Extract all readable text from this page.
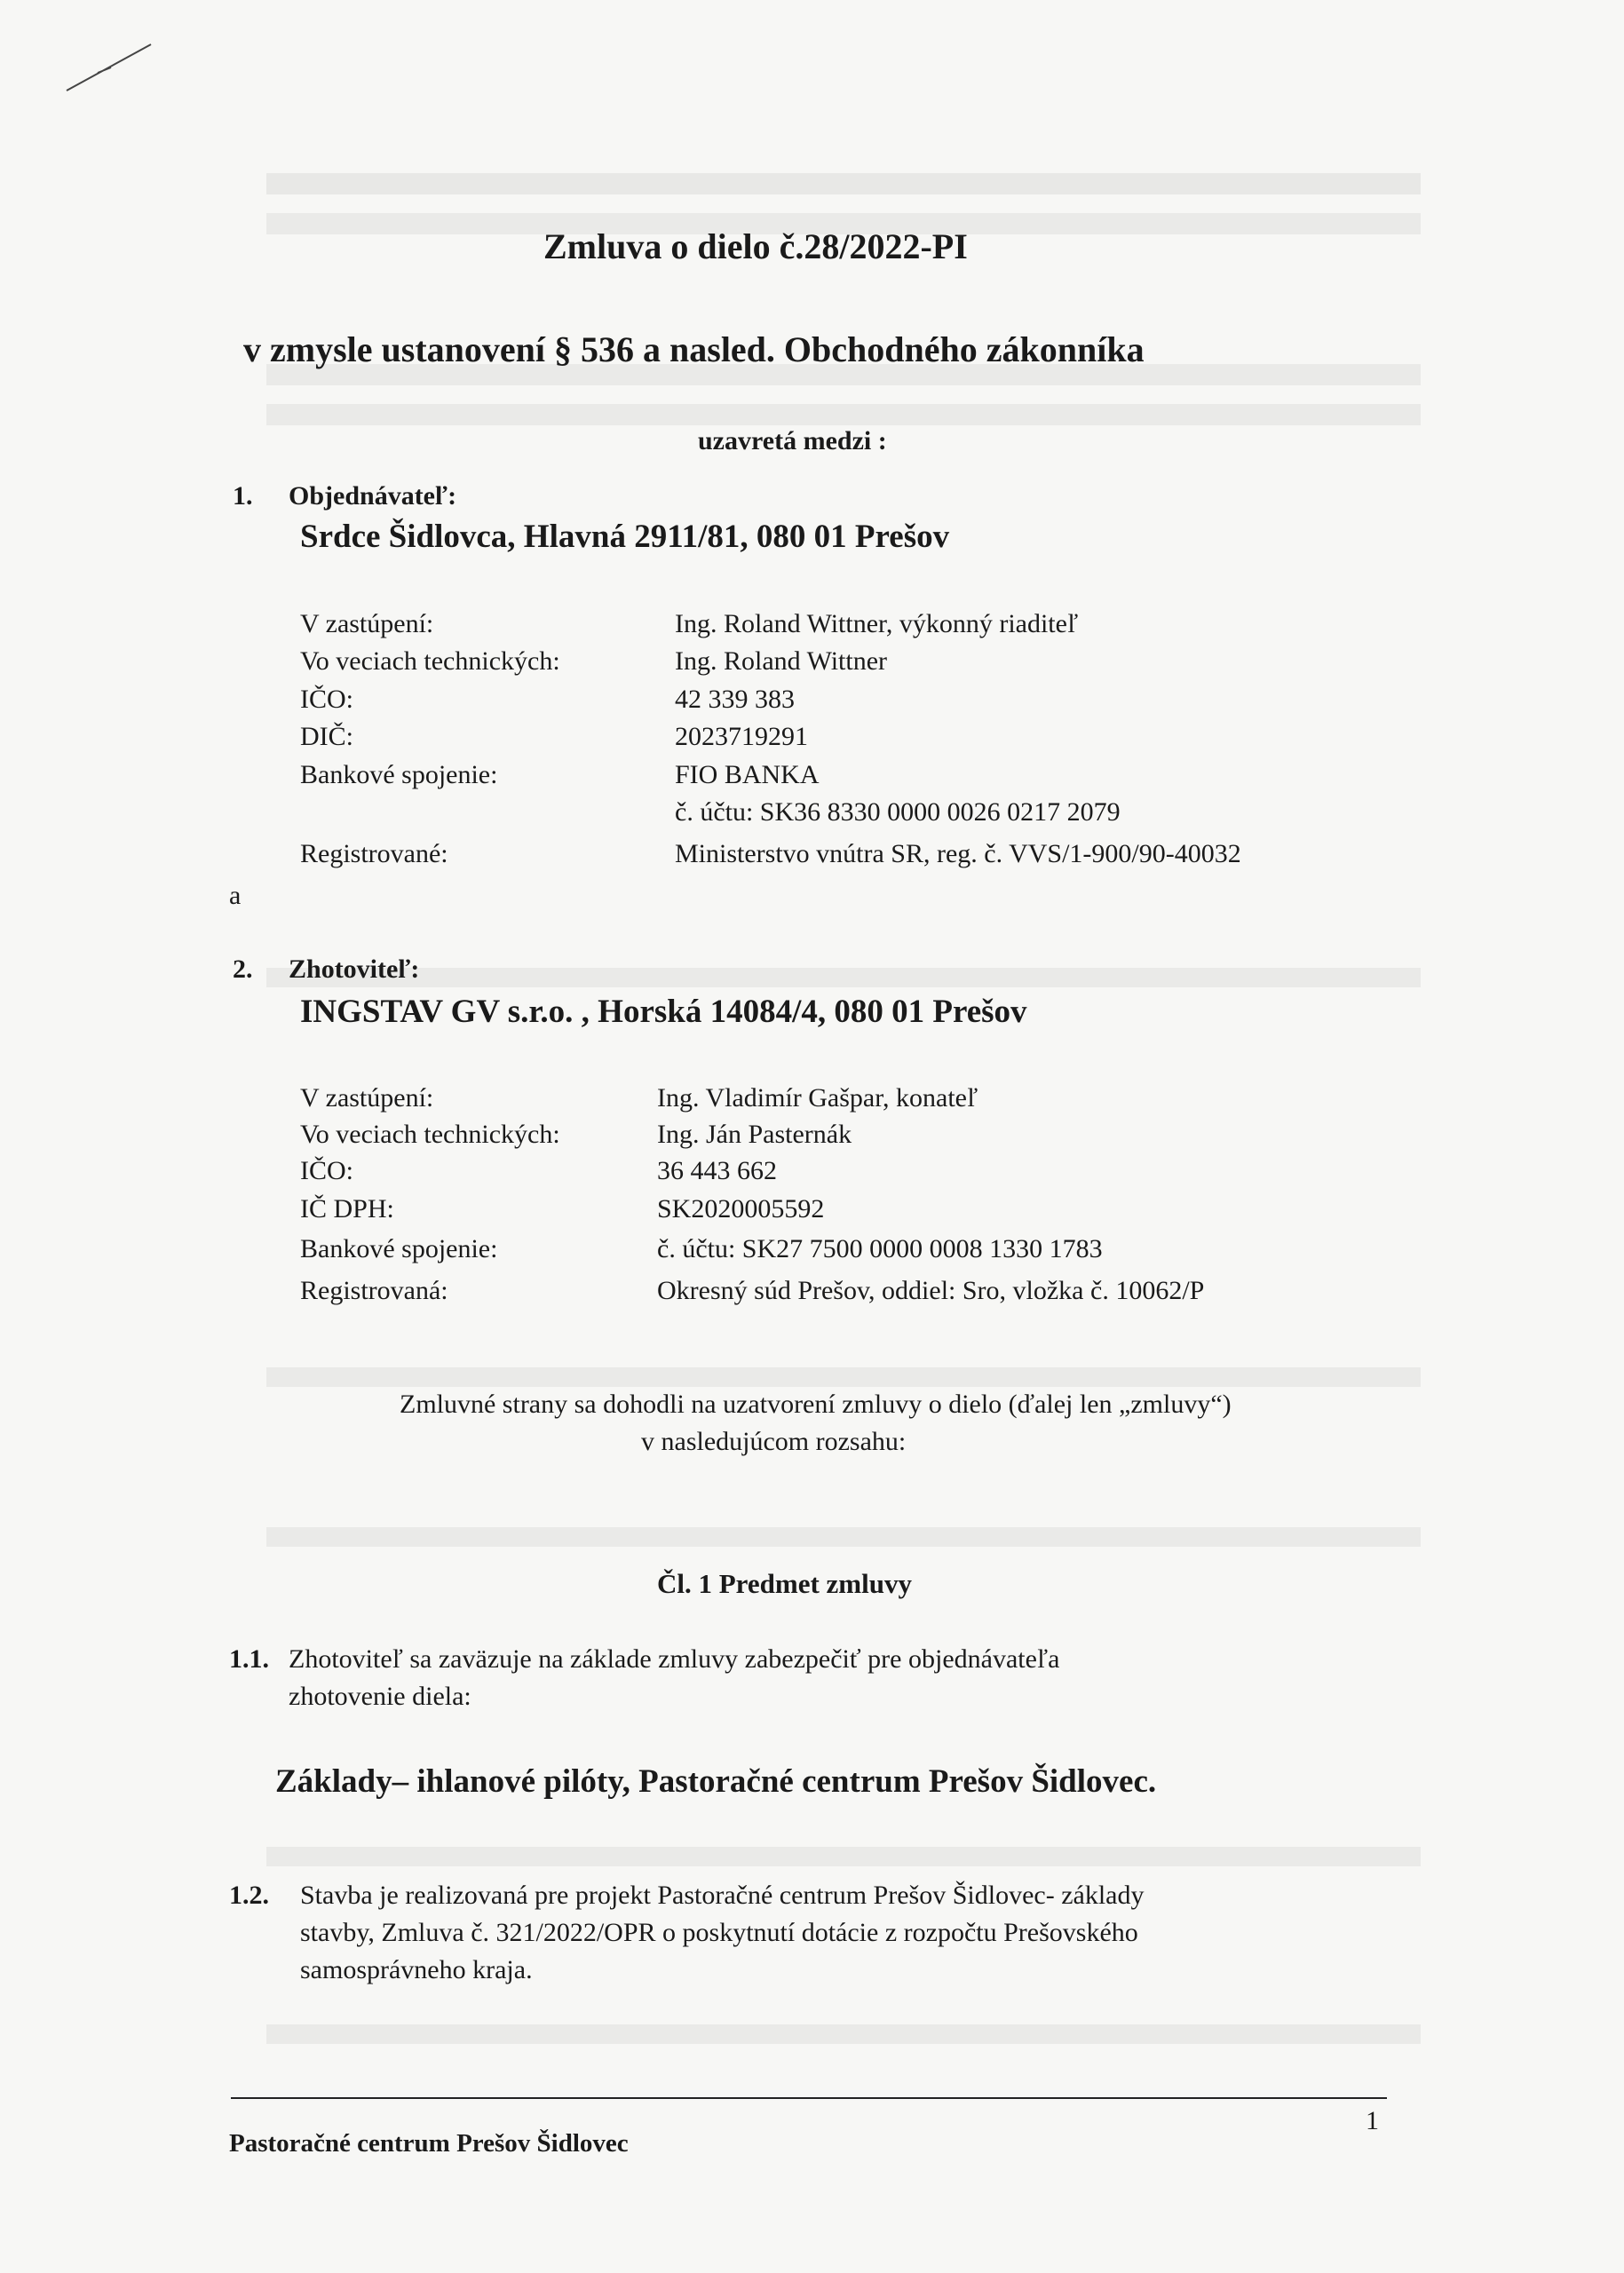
Zmluva o dielo č.28/2022-PI
v zmysle ustanovení § 536 a nasled. Obchodného zákonníka
uzavretá medzi :
1. Objednávateľ:
Srdce Šidlovca, Hlavná 2911/81, 080 01 Prešov
V zastúpení:	Ing. Roland Wittner, výkonný riaditeľ
Vo veciach technických:	Ing. Roland Wittner
IČO:	42 339 383
DIČ:	2023719291
Bankové spojenie:	FIO BANKA
č. účtu: SK36 8330 0000 0026 0217 2079
Registrované:	Ministerstvo vnútra SR, reg. č. VVS/1-900/90-40032
a
2. Zhotoviteľ:
INGSTAV GV s.r.o. , Horská 14084/4, 080 01 Prešov
V zastúpení:	Ing. Vladimír Gašpar, konateľ
Vo veciach technických:	Ing. Ján Pasternák
IČO:	36 443 662
IČ DPH:	SK2020005592
Bankové spojenie:	č. účtu: SK27 7500 0000 0008 1330 1783
Registrovaná:	Okresný súd Prešov, oddiel: Sro, vložka č. 10062/P
Zmluvné strany sa dohodli na uzatvorení zmluvy o dielo (ďalej len „zmluvy“)
v nasledujúcom rozsahu:
Čl. 1 Predmet zmluvy
1.1. Zhotoviteľ sa zaväzuje na základe zmluvy zabezpečiť pre objednávateľa
zhotovenie diela:
Základy– ihlanové pilóty, Pastoračné centrum Prešov Šidlovec.
1.2. Stavba je realizovaná pre projekt Pastoračné centrum Prešov Šidlovec- základy
stavby, Zmluva č. 321/2022/OPR o poskytnutí dotácie z rozpočtu Prešovského
samosprávneho kraja.
1
Pastoračné centrum Prešov Šidlovec
